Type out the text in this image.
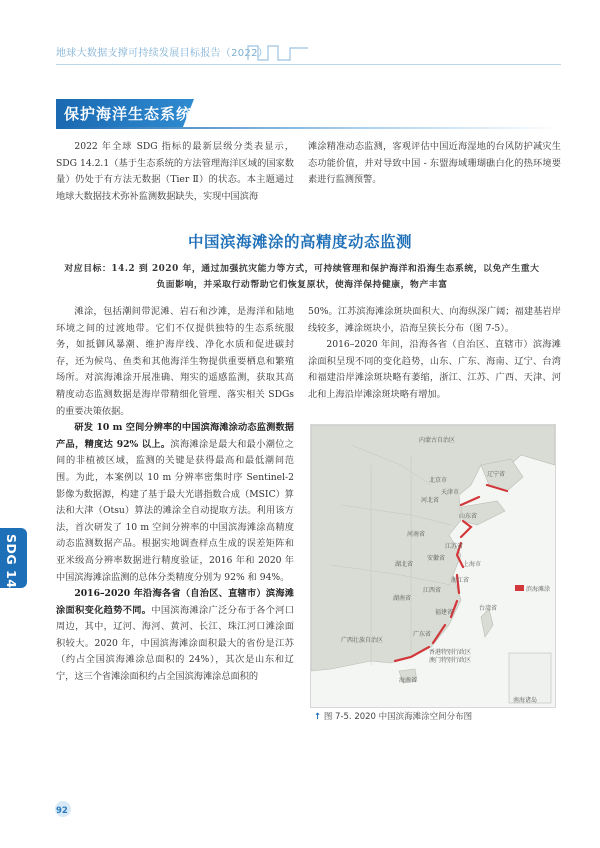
地球大数据支撑可持续发展目标报告（2022）
保护海洋生态系统
2022 年全球 SDG 指标的最新层级分类表显示，SDG 14.2.1（基于生态系统的方法管理海洋区域的国家数量）仍处于有方法无数据（Tier Ⅱ）的状态。本主题通过地球大数据技术弥补监测数据缺失，实现中国滨海
滩涂精准动态监测，客观评估中国近海湿地的台风防护减灾生态功能价值，并对导致中国 - 东盟海域珊瑚礁白化的热环境要素进行监测预警。
中国滨海滩涂的高精度动态监测
对应目标：14.2 到 2020 年，通过加强抗灾能力等方式，可持续管理和保护海洋和沿海生态系统，以免产生重大负面影响，并采取行动帮助它们恢复原状，使海洋保持健康，物产丰富

滩涂，包括潮间带泥滩、岩石和沙滩，是海洋和陆地环境之间的过渡地带。它们不仅提供独特的生态系统服务，如抵御风暴潮、维护海岸线、净化水质和促进碳封存，还为候鸟、鱼类和其他海洋生物提供重要栖息和繁殖场所。对滨海滩涂开展准确、翔实的遥感监测，获取其高精度动态监测数据是海岸带精细化管理、落实相关 SDGs 的重要决策依据。

研发 10 m 空间分辨率的中国滨海滩涂动态监测数据产品，精度达 92% 以上。滨海滩涂是最大和最小潮位之间的非植被区域，监测的关键是获得最高和最低潮间范围。为此，本案例以 10 m 分辨率密集时序 Sentinel-2 影像为数据源，构建了基于最大光谱指数合成（MSIC）算法和大津（Otsu）算法的滩涂全自动提取方法。利用该方法，首次研发了 10 m 空间分辨率的中国滨海滩涂高精度动态监测数据产品。根据实地调查样点生成的误差矩阵和亚米级高分辨率数据进行精度验证，2016 年和 2020 年中国滨海滩涂监测的总体分类精度分别为 92% 和 94%。

2016–2020 年沿海各省（自治区、直辖市）滨海滩涂面积变化趋势不同。中国滨海滩涂广泛分布于各个河口周边，其中，辽河、海河、黄河、长江、珠江河口滩涂面积较大。2020 年，中国滨海滩涂面积最大的省份是江苏（约占全国滨海滩涂总面积的 24%），其次是山东和辽宁，这三个省滩涂面积约占全国滨海滩涂总面积的

50%。江苏滨海滩涂斑块面积大、向海纵深广阔；福建基岩岸线较多，滩涂斑块小，沿海呈狭长分布（图 7-5）。

2016–2020 年间，沿海各省（自治区、直辖市）滨海滩涂面积呈现不同的变化趋势，山东、广东、海南、辽宁、台湾和福建沿岸滩涂斑块略有萎缩，浙江、江苏、广西、天津、河北和上海沿岸滩涂斑块略有增加。

内蒙古自治区
辽宁省
北京市
天津市
河北省
山东省
河南省
江苏省
安徽省
上海市
湖北省
浙江省
江西省
湖南省
福建省
台湾省
广东省
广西壮族自治区
海南省
香港特别行政区
澳门特别行政区
南海诸岛
滨海滩涂
↑ 图 7-5. 2020 中国滨海滩涂空间分布图
SDG 14
92
